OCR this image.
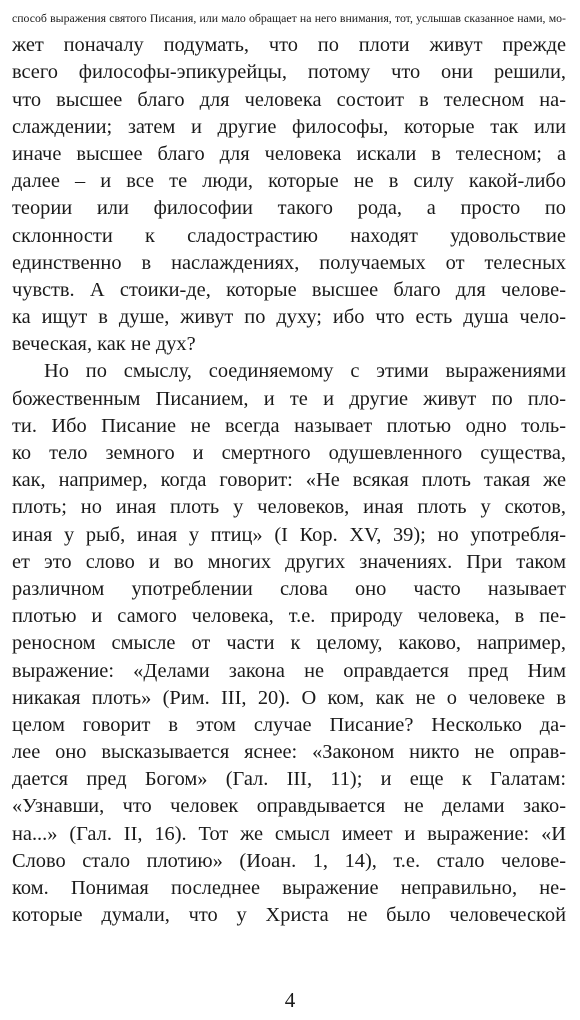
способ выражения святого Писания, или мало обращает на него внимания, тот, услышав сказанное нами, мо-
жет поначалу подумать, что по плоти живут прежде
всего философы-эпикурейцы, потому что они решили,
что высшее благо для человека состоит в телесном на-
слаждении; затем и другие философы, которые так или
иначе высшее благо для человека искали в телесном; а
далее – и все те люди, которые не в силу какой-либо
теории или философии такого рода, а просто по
склонности к сладострастию находят удовольствие
единственно в наслаждениях, получаемых от телесных
чувств. А стоики-де, которые высшее благо для челове-
ка ищут в душе, живут по духу; ибо что есть душа чело-
веческая, как не дух?
Но по смыслу, соединяемому с этими выражениями
божественным Писанием, и те и другие живут по пло-
ти. Ибо Писание не всегда называет плотью одно толь-
ко тело земного и смертного одушевленного существа,
как, например, когда говорит: «Не всякая плоть такая же
плоть; но иная плоть у человеков, иная плоть у скотов,
иная у рыб, иная у птиц» (I Кор. XV, 39); но употребля-
ет это слово и во многих других значениях. При таком
различном употреблении слова оно часто называет
плотью и самого человека, т.е. природу человека, в пе-
реносном смысле от части к целому, каково, например,
выражение: «Делами закона не оправдается пред Ним
никакая плоть» (Рим. III, 20). О ком, как не о человеке в
целом говорит в этом случае Писание? Несколько да-
лее оно высказывается яснее: «Законом никто не оправ-
дается пред Богом» (Гал. III, 11); и еще к Галатам:
«Узнавши, что человек оправдывается не делами зако-
на...» (Гал. II, 16). Тот же смысл имеет и выражение: «И
Слово стало плотию» (Иоан. 1, 14), т.е. стало челове-
ком. Понимая последнее выражение неправильно, не-
которые думали, что у Христа не было человеческой
4
